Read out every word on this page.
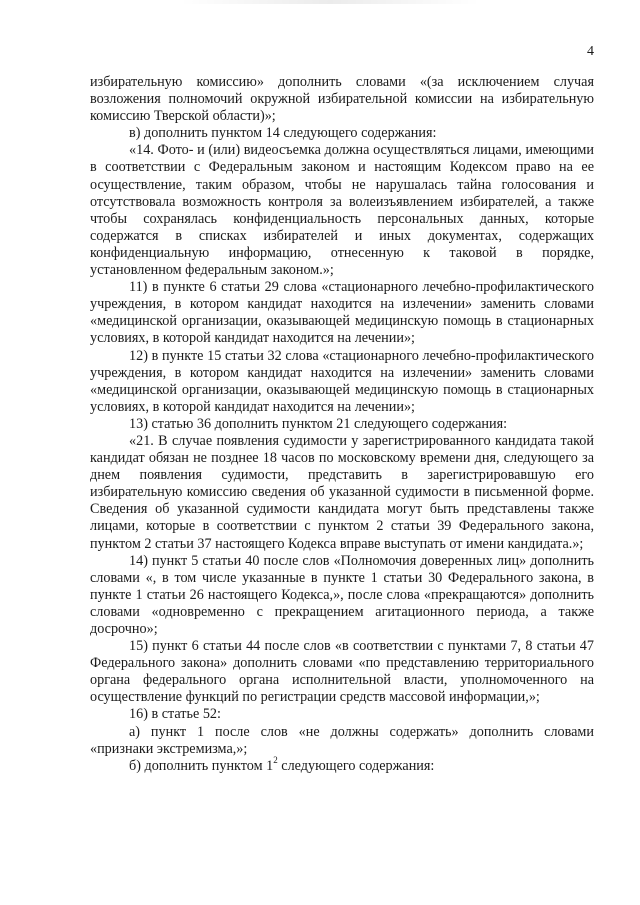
4

избирательную комиссию» дополнить словами «(за исключением случая возложения полномочий окружной избирательной комиссии на избирательную комиссию Тверской области)»;

в) дополнить пунктом 14 следующего содержания:

«14. Фото- и (или) видеосъемка должна осуществляться лицами, имеющими в соответствии с Федеральным законом и настоящим Кодексом право на ее осуществление, таким образом, чтобы не нарушалась тайна голосования и отсутствовала возможность контроля за волеизъявлением избирателей, а также чтобы сохранялась конфиденциальность персональных данных, которые содержатся в списках избирателей и иных документах, содержащих конфиденциальную информацию, отнесенную к таковой в порядке, установленном федеральным законом.»;

11) в пункте 6 статьи 29 слова «стационарного лечебно-профилактического учреждения, в котором кандидат находится на излечении» заменить словами «медицинской организации, оказывающей медицинскую помощь в стационарных условиях, в которой кандидат находится на лечении»;

12) в пункте 15 статьи 32 слова «стационарного лечебно-профилактического учреждения, в котором кандидат находится на излечении» заменить словами «медицинской организации, оказывающей медицинскую помощь в стационарных условиях, в которой кандидат находится на лечении»;

13) статью 36 дополнить пунктом 21 следующего содержания:

«21. В случае появления судимости у зарегистрированного кандидата такой кандидат обязан не позднее 18 часов по московскому времени дня, следующего за днем появления судимости, представить в зарегистрировавшую его избирательную комиссию сведения об указанной судимости в письменной форме. Сведения об указанной судимости кандидата могут быть представлены также лицами, которые в соответствии с пунктом 2 статьи 39 Федерального закона, пунктом 2 статьи 37 настоящего Кодекса вправе выступать от имени кандидата.»;

14) пункт 5 статьи 40 после слов «Полномочия доверенных лиц» дополнить словами «, в том числе указанные в пункте 1 статьи 30 Федерального закона, в пункте 1 статьи 26 настоящего Кодекса,», после слова «прекращаются» дополнить словами «одновременно с прекращением агитационного периода, а также досрочно»;

15) пункт 6 статьи 44 после слов «в соответствии с пунктами 7, 8 статьи 47 Федерального закона» дополнить словами «по представлению территориального органа федерального органа исполнительной власти, уполномоченного на осуществление функций по регистрации средств массовой информации,»;

16) в статье 52:

а) пункт 1 после слов «не должны содержать» дополнить словами «признаки экстремизма,»;

б) дополнить пунктом $1^2$ следующего содержания:
